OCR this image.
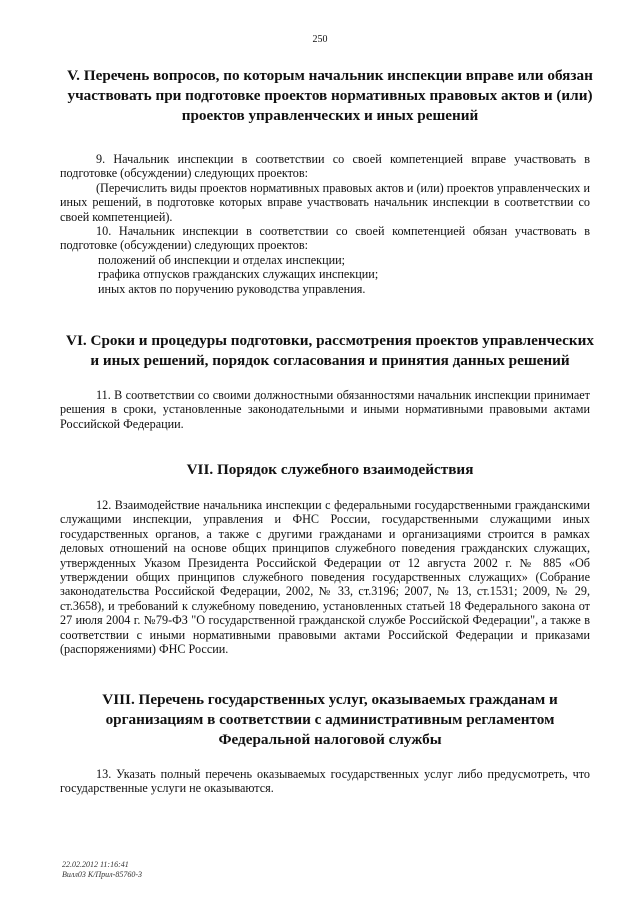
250
V. Перечень вопросов, по которым начальник инспекции вправе или обязан участвовать при подготовке проектов нормативных правовых актов и (или) проектов управленческих и иных решений

9. Начальник инспекции в соответствии со своей компетенцией вправе участвовать в подготовке (обсуждении) следующих проектов:

(Перечислить виды проектов нормативных правовых актов и (или) проектов управленческих и иных решений, в подготовке которых вправе участвовать начальник инспекции в соответствии со своей компетенцией).

10. Начальник инспекции в соответствии со своей компетенцией обязан участвовать в подготовке (обсуждении) следующих проектов:

положений об инспекции и отделах инспекции;

графика отпусков гражданских служащих инспекции;

иных актов по поручению руководства управления.

VI. Сроки и процедуры подготовки, рассмотрения проектов управленческих и иных решений, порядок согласования и принятия данных решений

11. В соответствии со своими должностными обязанностями начальник инспекции принимает решения в сроки, установленные законодательными и иными нормативными правовыми актами Российской Федерации.

VII. Порядок служебного взаимодействия

12. Взаимодействие начальника инспекции с федеральными государственными гражданскими служащими инспекции, управления и ФНС России, государственными служащими иных государственных органов, а также с другими гражданами и организациями строится в рамках деловых отношений на основе общих принципов служебного поведения гражданских служащих, утвержденных Указом Президента Российской Федерации от 12 августа 2002 г. № 885 «Об утверждении общих принципов служебного поведения государственных служащих» (Собрание законодательства Российской Федерации, 2002, № 33, ст.3196; 2007, № 13, ст.1531; 2009, № 29, ст.3658), и требований к служебному поведению, установленных статьей 18 Федерального закона от 27 июля 2004 г. №79-ФЗ "О государственной гражданской службе Российской Федерации", а также в соответствии с иными нормативными правовыми актами Российской Федерации и приказами (распоряжениями) ФНС России.

VIII. Перечень государственных услуг, оказываемых гражданам и организациям в соответствии с административным регламентом Федеральной налоговой службы

13. Указать полный перечень оказываемых государственных услуг либо предусмотреть, что государственные услуги не оказываются.

22.02.2012 11:16:41
Вилл03 К/Прил-85760-3
